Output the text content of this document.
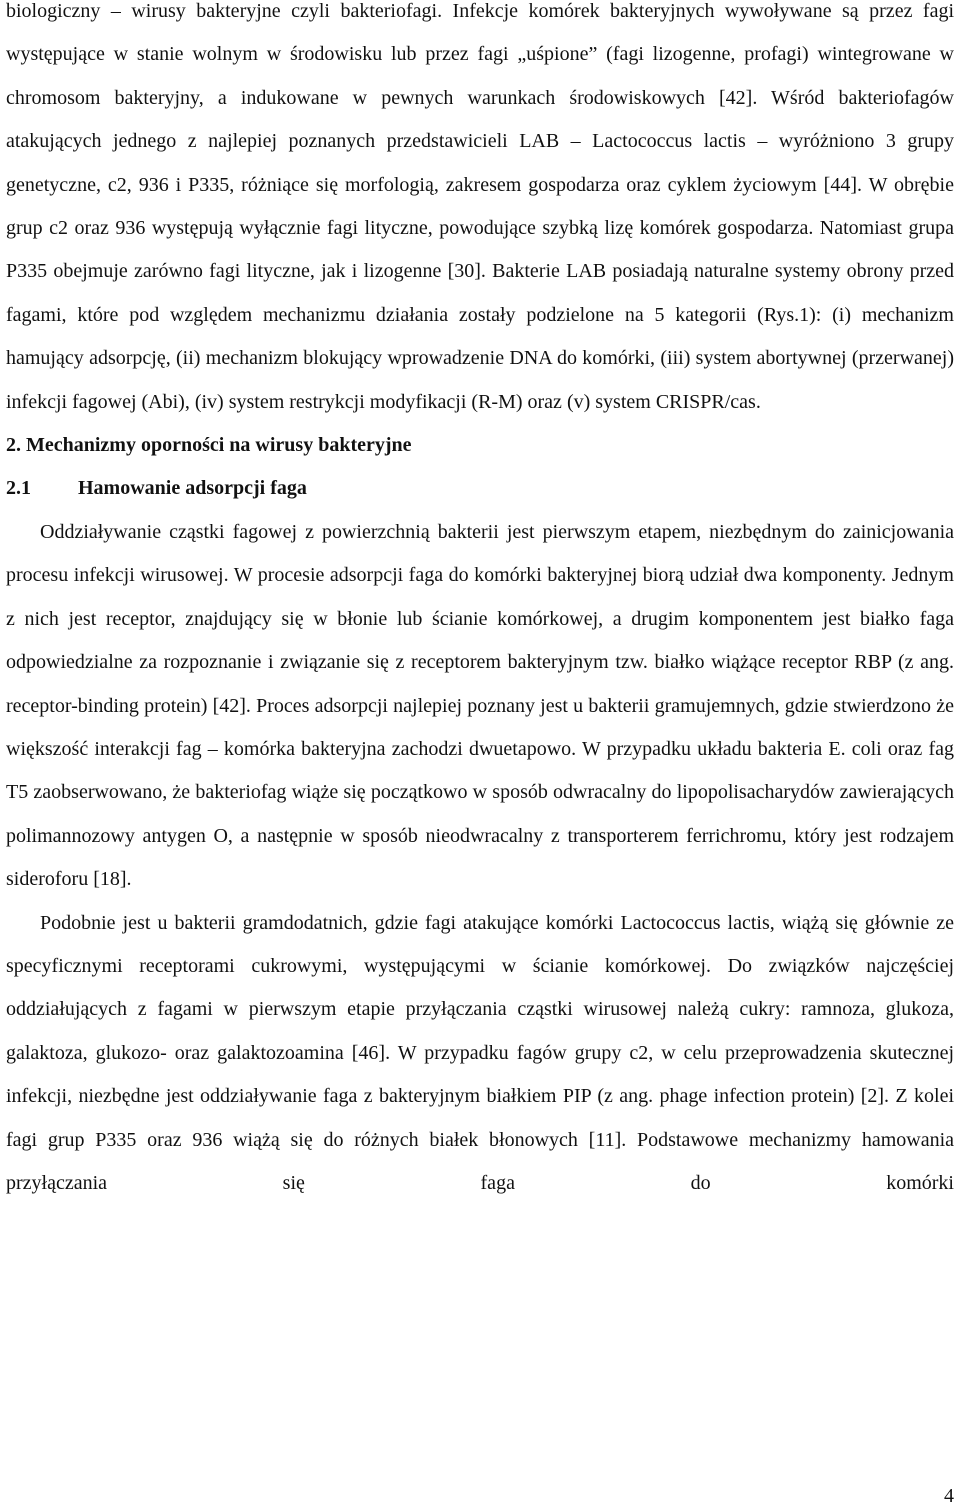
biologiczny – wirusy bakteryjne czyli bakteriofagi. Infekcje komórek bakteryjnych wywoływane są przez fagi występujące w stanie wolnym w środowisku lub przez fagi „uśpione” (fagi lizogenne, profagi) wintegrowane w chromosom bakteryjny, a indukowane w pewnych warunkach środowiskowych [42]. Wśród bakteriofagów atakujących jednego z najlepiej poznanych przedstawicieli LAB – Lactococcus lactis – wyróżniono 3 grupy genetyczne, c2, 936 i P335, różniące się morfologią, zakresem gospodarza oraz cyklem życiowym [44]. W obrębie grup c2 oraz 936 występują wyłącznie fagi lityczne, powodujące szybką lizę komórek gospodarza. Natomiast grupa P335 obejmuje zarówno fagi lityczne, jak i lizogenne [30]. Bakterie LAB posiadają naturalne systemy obrony przed fagami, które pod względem mechanizmu działania zostały podzielone na 5 kategorii (Rys.1): (i) mechanizm hamujący adsorpcję, (ii) mechanizm blokujący wprowadzenie DNA do komórki, (iii) system abortywnej (przerwanej) infekcji fagowej (Abi), (iv) system restrykcji modyfikacji (R-M) oraz (v) system CRISPR/cas.

2. Mechanizmy oporności na wirusy bakteryjne
2.1 Hamowanie adsorpcji faga

Oddziaływanie cząstki fagowej z powierzchnią bakterii jest pierwszym etapem, niezbędnym do zainicjowania procesu infekcji wirusowej. W procesie adsorpcji faga do komórki bakteryjnej biorą udział dwa komponenty. Jednym z nich jest receptor, znajdujący się w błonie lub ścianie komórkowej, a drugim komponentem jest białko faga odpowiedzialne za rozpoznanie i związanie się z receptorem bakteryjnym tzw. białko wiążące receptor RBP (z ang. receptor-binding protein) [42]. Proces adsorpcji najlepiej poznany jest u bakterii gramujemnych, gdzie stwierdzono że większość interakcji fag – komórka bakteryjna zachodzi dwuetapowo. W przypadku układu bakteria E. coli oraz fag T5 zaobserwowano, że bakteriofag wiąże się początkowo w sposób odwracalny do lipopolisacharydów zawierających polimannozowy antygen O, a następnie w sposób nieodwracalny z transporterem ferrichromu, który jest rodzajem sideroforu [18].

Podobnie jest u bakterii gramdodatnich, gdzie fagi atakujące komórki Lactococcus lactis, wiążą się głównie ze specyficznymi receptorami cukrowymi, występującymi w ścianie komórkowej. Do związków najczęściej oddziałujących z fagami w pierwszym etapie przyłączania cząstki wirusowej należą cukry: ramnoza, glukoza, galaktoza, glukozo- oraz galaktozoamina [46]. W przypadku fagów grupy c2, w celu przeprowadzenia skutecznej infekcji, niezbędne jest oddziaływanie faga z bakteryjnym białkiem PIP (z ang. phage infection protein) [2]. Z kolei fagi grup P335 oraz 936 wiążą się do różnych białek błonowych [11]. Podstawowe mechanizmy hamowania przyłączania się faga do komórki

4
